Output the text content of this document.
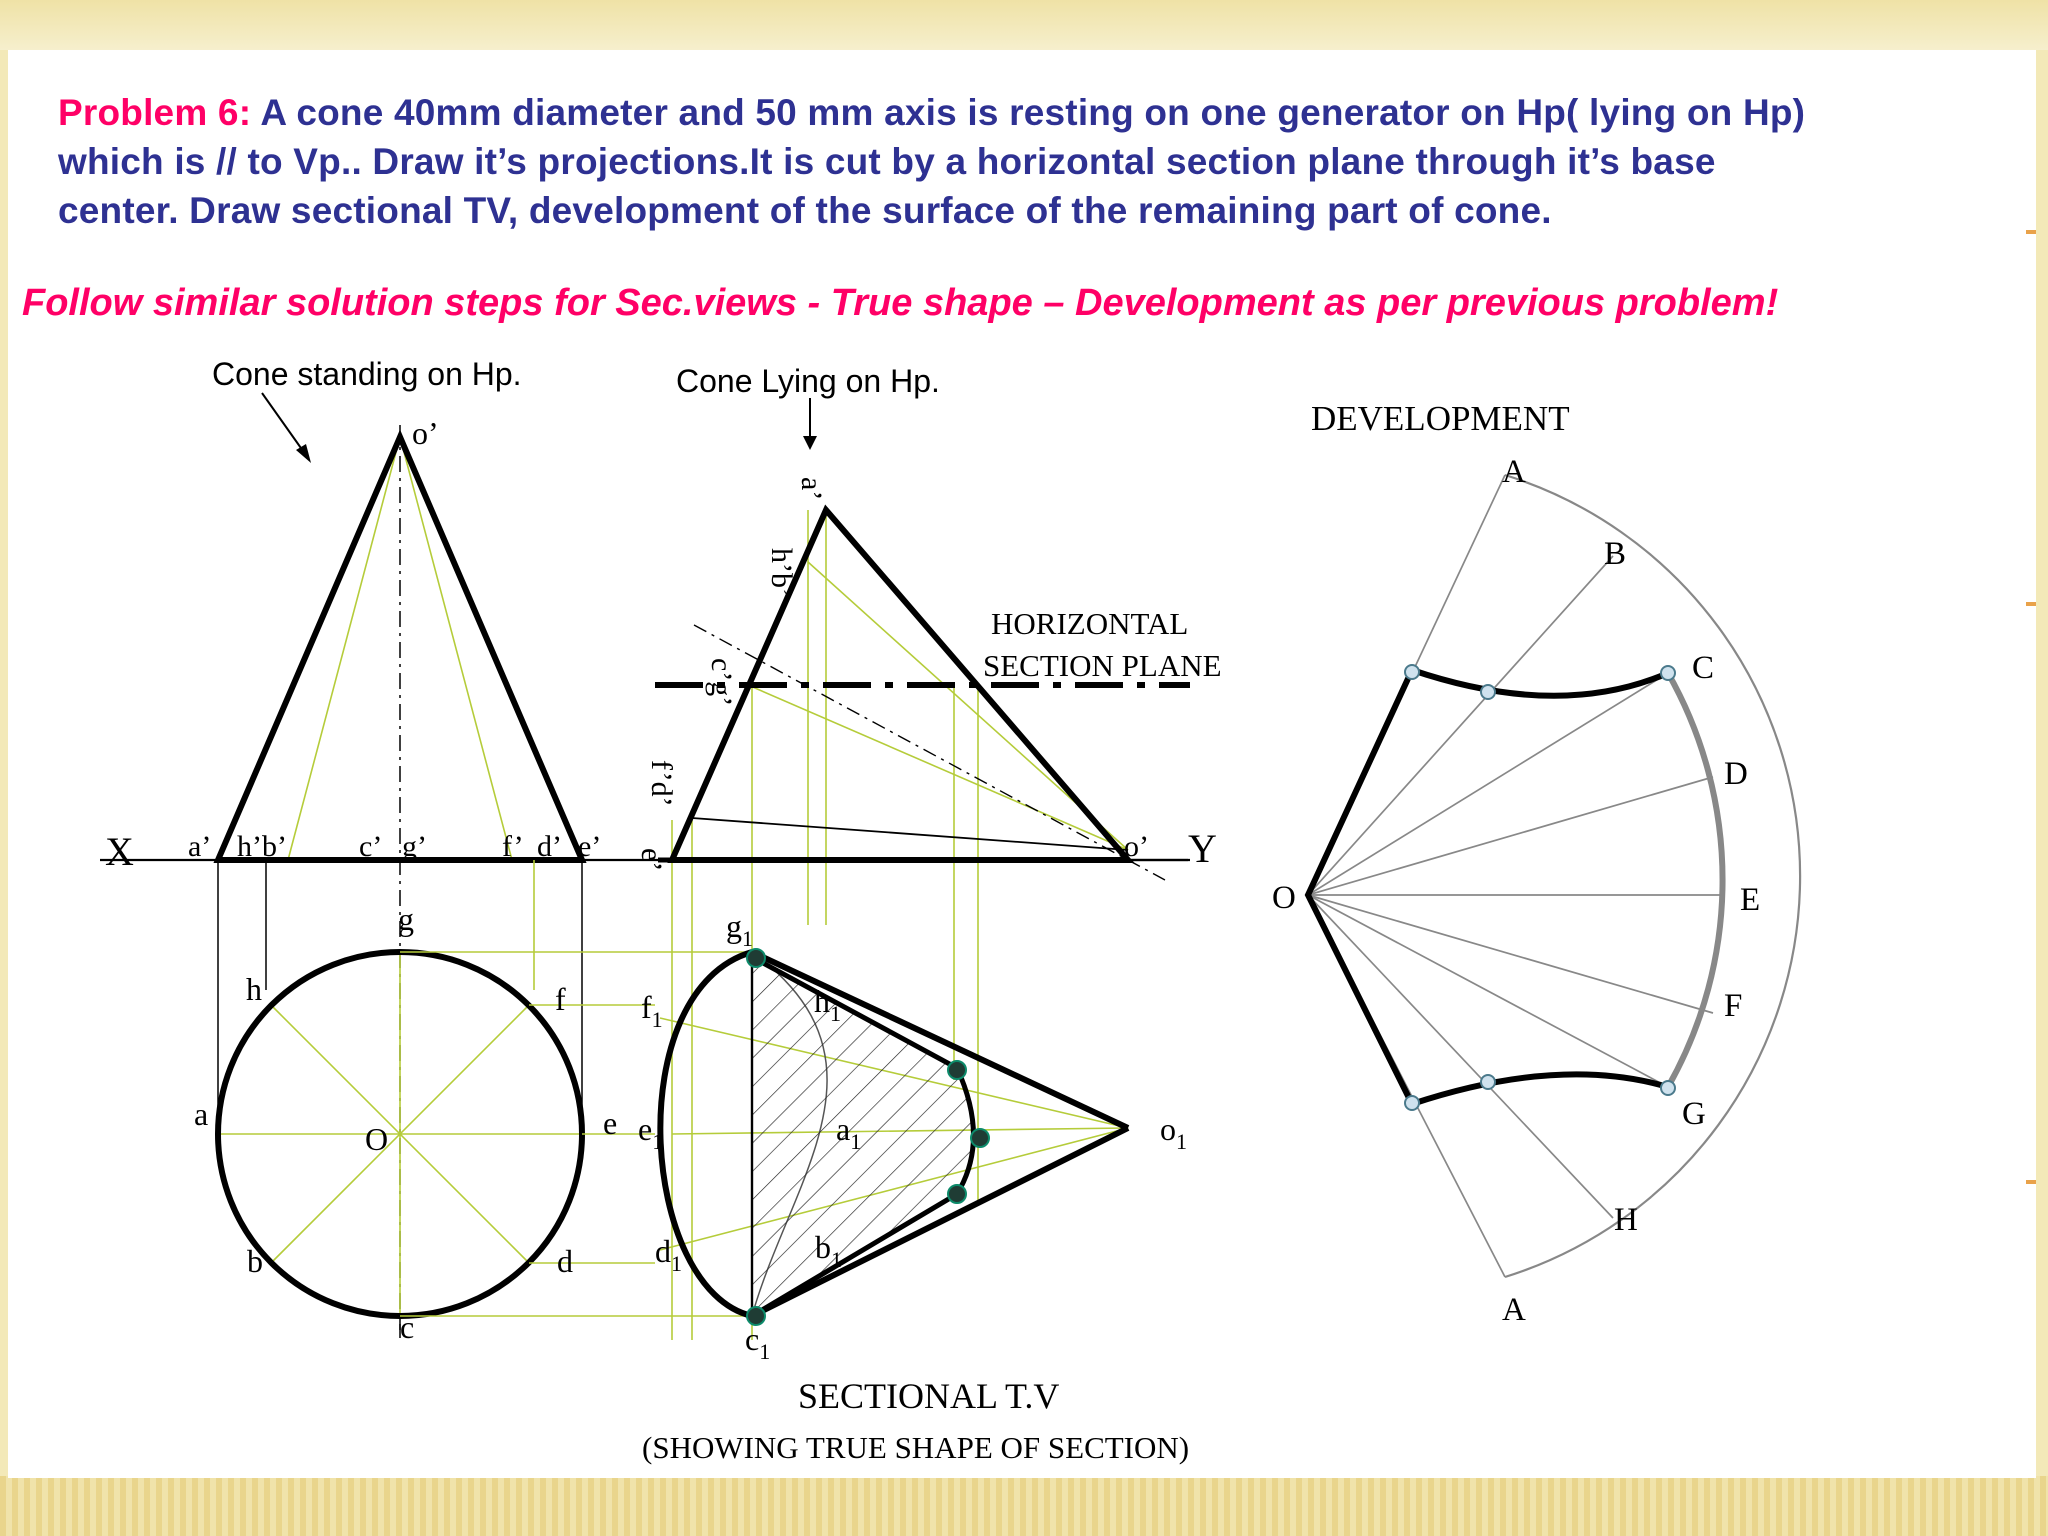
Problem 6: A cone 40mm diameter and 50 mm axis is resting on one generator on Hp( lying on Hp)
which is // to Vp.. Draw it’s projections.It is cut by a horizontal section plane through it’s base
center. Draw sectional TV, development of the surface of the remaining part of cone.

Follow similar solution steps for Sec.views - True shape – Development as per previous problem!

Cone standing on Hp.
o’
X a’ h’b’ c’ g’	f’ d’ e’
g
h	f
a
O	e
b	d
c
Cone Lying on Hp.
HORIZONTAL
SECTION PLANE
Y
o’
a’
h’b’
c’g’
f’d’
e’
$g_1$
$f_1$
$e_1$
$d_1$
$c_1$
$h_1$
$a_1$
$b_1$
$o_1$
SECTIONAL T.V
(SHOWING TRUE SHAPE OF SECTION)
DEVELOPMENT
O
A
B
C
D
E
F
G
H
A
